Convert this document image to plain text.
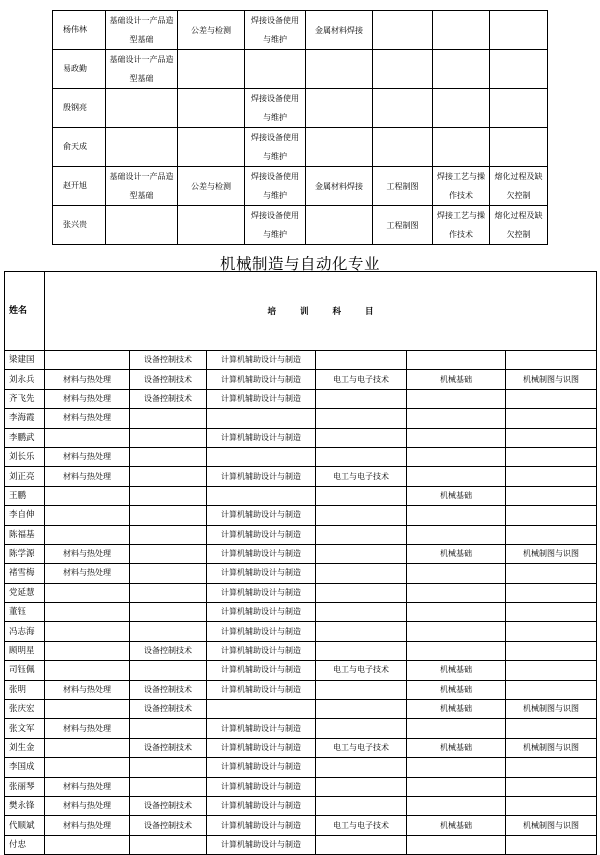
杨伟林	基础设计一产品造型基础	公差与检测	焊接设备使用与维护	金属材料焊接			

易政勤	基础设计一产品造型基础						

殷钢亮			焊接设备使用与维护				

俞天成			焊接设备使用与维护				

赵开旭	基础设计一产品造型基础	公差与检测	焊接设备使用与维护	金属材料焊接	工程制图	焊接工艺与操作技术	熔化过程及缺欠控制

张兴贵			焊接设备使用与维护		工程制图	焊接工艺与操作技术	熔化过程及缺欠控制
机械制造与自动化专业
姓名	培 训 科 目					
梁建国		设备控制技术	计算机辅助设计与制造			
刘永兵	材料与热处理	设备控制技术	计算机辅助设计与制造	电工与电子技术	机械基础	机械制图与识图
齐飞先	材料与热处理	设备控制技术	计算机辅助设计与制造			
李海霞	材料与热处理					
李鹏武			计算机辅助设计与制造			
刘长乐	材料与热处理					
刘正亮	材料与热处理		计算机辅助设计与制造	电工与电子技术		
王鹏					机械基础	
李自伸			计算机辅助设计与制造			
陈福基			计算机辅助设计与制造			
陈学源	材料与热处理		计算机辅助设计与制造		机械基础	机械制图与识图
褚雪梅	材料与热处理		计算机辅助设计与制造			
党延慧			计算机辅助设计与制造			
董钰			计算机辅助设计与制造			
冯志海			计算机辅助设计与制造			
顾明星		设备控制技术	计算机辅助设计与制造			
司钰佩			计算机辅助设计与制造	电工与电子技术	机械基础	
张明	材料与热处理	设备控制技术	计算机辅助设计与制造		机械基础	
张庆宏		设备控制技术			机械基础	机械制图与识图
张文军	材料与热处理		计算机辅助设计与制造			
刘生金		设备控制技术	计算机辅助设计与制造	电工与电子技术	机械基础	机械制图与识图
李国成			计算机辅助设计与制造			
张丽琴	材料与热处理		计算机辅助设计与制造			
樊永锋	材料与热处理	设备控制技术	计算机辅助设计与制造			
代顺斌	材料与热处理	设备控制技术	计算机辅助设计与制造	电工与电子技术	机械基础	机械制图与识图
付忠			计算机辅助设计与制造			
